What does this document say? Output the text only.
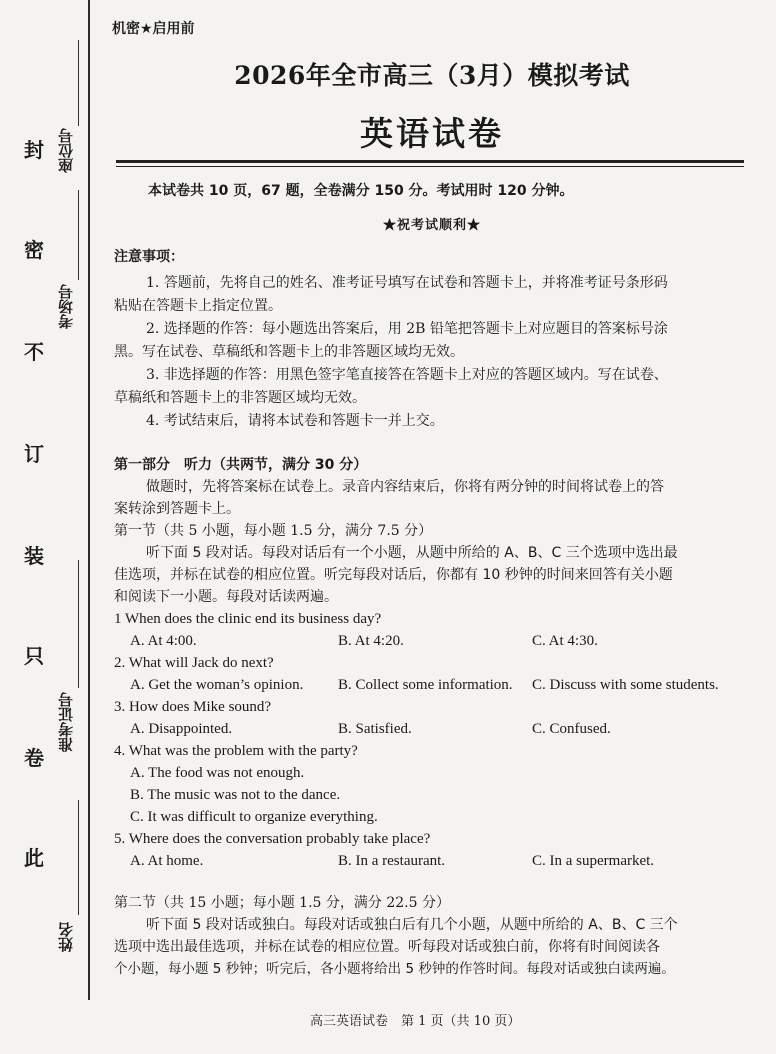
封
密
不
订
装
只
卷
此
座位号
考场号
准考证号
姓名
机密★启用前
2026年全市高三（3月）模拟考试
英语试卷
本试卷共 10 页，67 题，全卷满分 150 分。考试用时 120 分钟。
★祝考试顺利★
注意事项：
1. 答题前，先将自己的姓名、准考证号填写在试卷和答题卡上，并将准考证号条形码
粘贴在答题卡上指定位置。
2. 选择题的作答：每小题选出答案后，用 2B 铅笔把答题卡上对应题目的答案标号涂
黑。写在试卷、草稿纸和答题卡上的非答题区域均无效。
3. 非选择题的作答：用黑色签字笔直接答在答题卡上对应的答题区域内。写在试卷、
草稿纸和答题卡上的非答题区域均无效。
4. 考试结束后，请将本试卷和答题卡一并上交。
第一部分　听力（共两节，满分 30 分）
做题时，先将答案标在试卷上。录音内容结束后，你将有两分钟的时间将试卷上的答
案转涂到答题卡上。
第一节（共 5 小题，每小题 1.5 分，满分 7.5 分）
听下面 5 段对话。每段对话后有一个小题，从题中所给的 A、B、C 三个选项中选出最
佳选项，并标在试卷的相应位置。听完每段对话后，你都有 10 秒钟的时间来回答有关小题
和阅读下一小题。每段对话读两遍。
1 When does the clinic end its business day?
A. At 4:00.	B. At 4:20.	C. At 4:30.
2. What will Jack do next?
A. Get the woman’s opinion. B. Collect some information. C. Discuss with some students.
3. How does Mike sound?
A. Disappointed.	B. Satisfied.	C. Confused.
4. What was the problem with the party?
A. The food was not enough.
B. The music was not to the dance.
C. It was difficult to organize everything.
5. Where does the conversation probably take place?
A. At home.	B. In a restaurant.	C. In a supermarket.
第二节（共 15 小题；每小题 1.5 分，满分 22.5 分）
听下面 5 段对话或独白。每段对话或独白后有几个小题，从题中所给的 A、B、C 三个
选项中选出最佳选项，并标在试卷的相应位置。听每段对话或独白前，你将有时间阅读各
个小题，每小题 5 秒钟；听完后，各小题将给出 5 秒钟的作答时间。每段对话或独白读两遍。
高三英语试卷　第 1 页（共 10 页）
